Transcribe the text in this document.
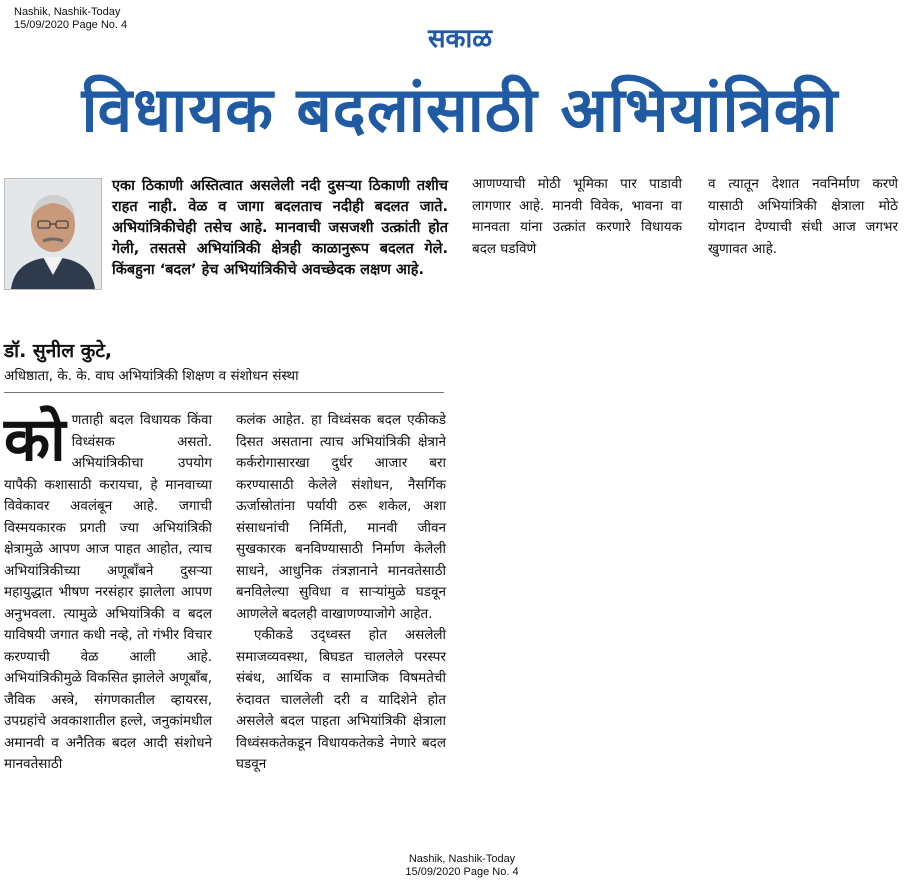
Nashik, Nashik-Today
15/09/2020 Page No. 4	सकाळ
विधायक बदलांसाठी अभियांत्रिकी
एका ठिकाणी अस्तित्वात असलेली नदी दुसऱ्या ठिकाणी तशीच राहत नाही. वेळ व जागा बदलताच नदीही बदलत जाते. अभियांत्रिकीचेही तसेच आहे. मानवाची जसजशी उत्क्रांती होत गेली, तसतसे अभियांत्रिकी क्षेत्रही काळानुरूप बदलत गेले. किंबहुना ‘बदल’ हेच अभियांत्रिकीचे अवच्छेदक लक्षण आहे.
डॉ. सुनील कुटे,
अधिष्ठाता, के. के. वाघ अभियांत्रिकी शिक्षण व संशोधन संस्था
को णताही बदल विधायक किंवा विध्वंसक असतो. अभियांत्रिकीचा उपयोग यापैकी कशासाठी करायचा, हे मानवाच्या विवेकावर अवलंबून आहे. जगाची विस्मयकारक प्रगती ज्या अभियांत्रिकी क्षेत्रामुळे आपण आज पाहत आहोत, त्याच अभियांत्रिकीच्या अणूबाँबने दुसऱ्या महायुद्धात भीषण नरसंहार झालेला आपण अनुभवला. त्यामुळे अभियांत्रिकी व बदल याविषयी जगात कधी नव्हे, तो गंभीर विचार करण्याची वेळ आली आहे. अभियांत्रिकीमुळे विकसित झालेले अणूबाँब, जैविक अस्त्रे, संगणकातील व्हायरस, उपग्रहांचे अवकाशातील हल्ले, जनुकांमधील अमानवी व अनैतिक बदल आदी संशोधने मानवतेसाठी

कलंक आहेत. हा विध्वंसक बदल एकीकडे दिसत असताना त्याच अभियांत्रिकी क्षेत्राने कर्करोगासारखा दुर्धर आजार बरा करण्यासाठी केलेले संशोधन, नैसर्गिक ऊर्जास्रोतांना पर्यायी ठरू शकेल, अशा संसाधनांची निर्मिती, मानवी जीवन सुखकारक बनविण्यासाठी निर्माण केलेली साधने, आधुनिक तंत्रज्ञानाने मानवतेसाठी बनविलेल्या सुविधा व साऱ्यांमुळे घडवून आणलेले बदलही वाखाणण्याजोगे आहेत.

एकीकडे उद्ध्वस्त होत असलेली समाजव्यवस्था, बिघडत चाललेले परस्पर संबंध, आर्थिक व सामाजिक विषमतेची रुंदावत चाललेली दरी व यादिशेने होत असलेले बदल पाहता अभियांत्रिकी क्षेत्राला विध्वंसकतेकडून विधायकतेकडे नेणारे बदल घडवून

आणण्याची मोठी भूमिका पार पाडावी लागणार आहे. मानवी विवेक, भावना वा मानवता यांना उत्क्रांत करणारे विधायक बदल घडविणे
व त्यातून देशात नवनिर्माण करणे यासाठी अभियांत्रिकी क्षेत्राला मोठे योगदान देण्याची संधी आज जगभर खुणावत आहे.
Nashik, Nashik-Today
15/09/2020 Page No. 4
